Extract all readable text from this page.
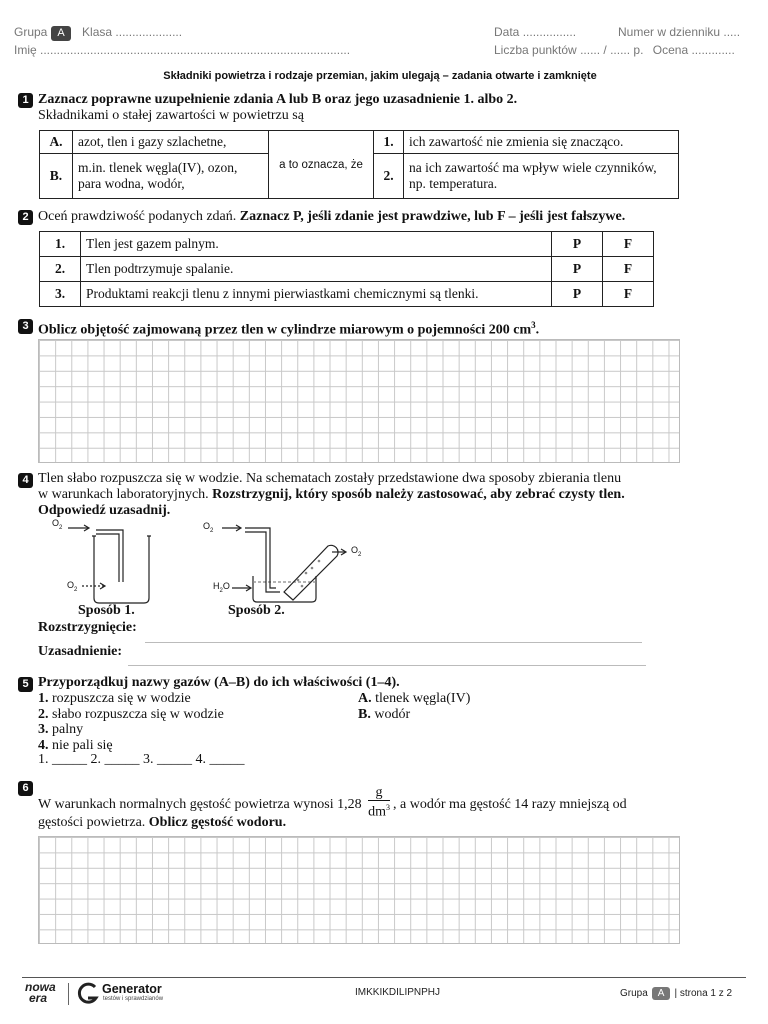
Grupa A Klasa ....................
Imię .............................................................................................
Data ................	Numer w dzienniku .....
Liczba punktów ...... / ...... p. Ocena .............
Składniki powietrza i rodzaje przemian, jakim ulegają – zadania otwarte i zamknięte
1 Zaznacz poprawne uzupełnienie zdania A lub B oraz jego uzasadnienie 1. albo 2.
Składnikami o stałej zawartości w powietrzu są
A.	azot, tlen i gazy szlachetne,	a to oznacza, że	1.	ich zawartość nie zmienia się znacząco.
B.	m.in. tlenek węgla(IV), ozon, para wodna, wodór,		2.	na ich zawartość ma wpływ wiele czynników, np. temperatura.
2 Oceń prawdziwość podanych zdań. Zaznacz P, jeśli zdanie jest prawdziwe, lub F – jeśli jest fałszywe.
1.	Tlen jest gazem palnym.	P	F
2.	Tlen podtrzymuje spalanie.	P	F
3.	Produktami reakcji tlenu z innymi pierwiastkami chemicznymi są tlenki.	P	F
3 Oblicz objętość zajmowaną przez tlen w cylindrze miarowym o pojemności 200 $cm^3$.
4 Tlen słabo rozpuszcza się w wodzie. Na schematach zostały przedstawione dwa sposoby zbierania tlenu
w warunkach laboratoryjnych. Rozstrzygnij, który sposób należy zastosować, aby zebrać czysty tlen.
Odpowiedź uzasadnij.
$O_2$
$O_2$
$O_2$
$O_2$
$H_2O$
Sposób 1.	Sposób 2.
Rozstrzygnięcie:
Uzasadnienie:
5 Przyporządkuj nazwy gazów (A–B) do ich właściwości (1–4).
1. rozpuszcza się w wodzie
2. słabo rozpuszcza się w wodzie
3. palny
4. nie pali się
A. tlenek węgla(IV)
B. wodór
1. _____ 2. _____ 3. _____ 4. _____
6
W warunkach normalnych gęstość powietrza wynosi $1,28 \frac{g}{dm^3}$ , a wodór ma gęstość 14 razy mniejszą od
gęstości powietrza. Oblicz gęstość wodoru.
nowa
era
Generator
testów i sprawdzianów
IMKKIKDILIPNPHJ	Grupa A | strona 1 z 2
